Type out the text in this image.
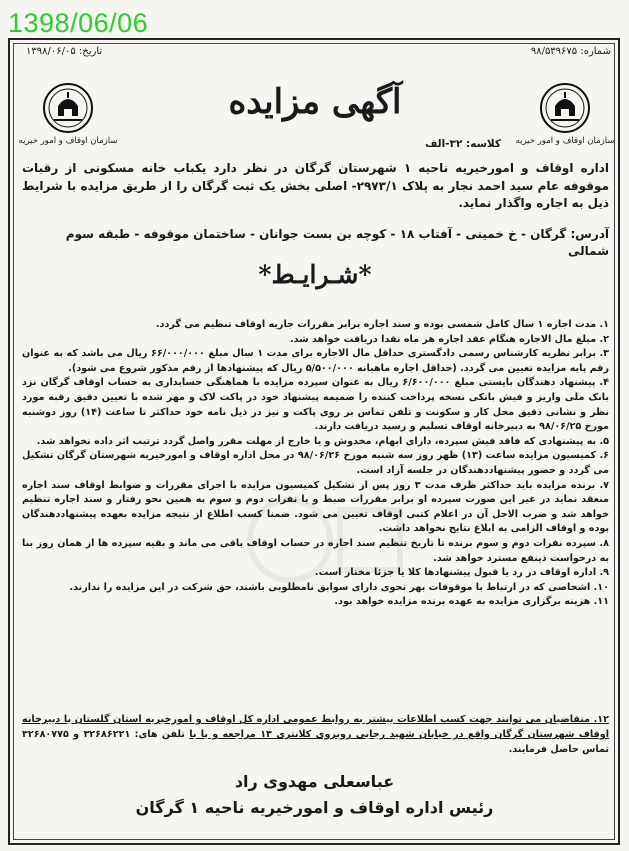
1398/06/06
شماره: ۹۸/۵۳۹۶۷۵
تاریخ: ۱۳۹۸/۰۶/۰۵
سازمان اوقاف و امور خیریه
سازمان اوقاف و امور خیریه
آگهی مزایده
کلاسه: ۳۲-الف
اداره اوقاف و امورخیریه ناحیه ۱ شهرستان گرگان در نظر دارد یکباب خانه مسکونی از رقبات موقوفه عام سید احمد نجار به پلاک ۲۹۷۳/۱- اصلی بخش یک ثبت گرگان را از طریق مزایده با شرایط ذیل به اجاره واگذار نماید.
آدرس: گرگان - خ خمینی - آفتاب ۱۸ - کوچه بن بست جوانان - ساختمان موقوفه - طبقه سوم شمالی
*شـرایـط*

۱. مدت اجاره ۱ سال کامل شمسی بوده و سند اجاره برابر مقررات جاریه اوقاف تنظیم می گردد.

۲. مبلغ مال الاجاره هنگام عقد اجاره هر ماه نقدا دریافت خواهد شد.

۳. برابر نظریه کارشناس رسمی دادگستری حداقل مال الاجاره برای مدت ۱ سال مبلغ ۶۶/۰۰۰/۰۰۰ ریال می باشد که به عنوان رقم پایه مزایده تعیین می گردد. (حداقل اجاره ماهیانه ۵/۵۰۰/۰۰۰ ریال که پیشنهادها از رقم مذکور شروع می شود).

۴. پیشنهاد دهندگان بایستی مبلغ ۶/۶۰۰/۰۰۰ ریال به عنوان سپرده مزایده با هماهنگی حسابداری به حساب اوقاف گرگان نزد بانک ملی واریز و فیش بانکی نسخه پرداخت کننده را ضمیمه پیشنهاد خود در پاکت لاک و مهر شده با تعیین دقیق رقبه مورد نظر و نشانی دقیق محل کار و سکونت و تلفن تماس بر روی پاکت و نیز در ذیل نامه خود حداکثر تا ساعت (۱۴) روز دوشنبه مورخ ۹۸/۰۶/۲۵ به دبیرخانه اوقاف تسلیم و رسید دریافت دارند.

۵. به پیشنهادی که فاقد فیش سپرده، دارای ابهام، مخدوش و یا خارج از مهلت مقرر واصل گردد ترتیب اثر داده نخواهد شد.

۶. کمیسیون مزایده ساعت (۱۳) ظهر روز سه شنبه مورخ ۹۸/۰۶/۲۶ در محل اداره اوقاف و امورخیریه شهرستان گرگان تشکیل می گردد و حضور پیشنهاددهندگان در جلسه آزاد است.

۷. برنده مزایده باید حداکثر ظرف مدت ۳ روز پس از تشکیل کمیسیون مزایده با اجرای مقررات و ضوابط اوقاف سند اجاره منعقد نماید در غیر این صورت سپرده او برابر مقررات ضبط و با نفرات دوم و سوم به همین نحو رفتار و سند اجاره تنظیم خواهد شد و ضرب الاجل آن در اعلام کتبی اوقاف تعیین می شود. ضمنا کسب اطلاع از نتیجه مزایده بعهده پیشنهاددهندگان بوده و اوقاف الزامی به ابلاغ نتایج نخواهد داشت.

۸. سپرده نفرات دوم و سوم برنده تا تاریخ تنظیم سند اجاره در حساب اوقاف باقی می ماند و بقیه سپرده ها از همان روز بنا به درخواست ذینفع مسترد خواهد شد.

۹. اداره اوقاف در رد یا قبول پیشنهادها کلا یا جزئا مختار است.

۱۰. اشخاصی که در ارتباط با موقوفات بهر نحوی دارای سوابق نامطلوبی باشند، حق شرکت در این مزایده را ندارند.

۱۱. هزینه برگزاری مزایده به عهده برنده مزایده خواهد بود.

۱۲. متقاضیان می توانند جهت کسب اطلاعات بیشتر به روابط عمومی اداره کل اوقاف و امورخیریه استان گلستان یا دبیرخانه اوقاف شهرستان گرگان واقع در خیابان شهید رجایی روبروی کلانتری ۱۳ مراجعه و یا با تلفن های: ۳۲۶۸۶۲۲۱ و ۳۲۶۸۰۷۷۵ تماس حاصل فرمایند.
عباسعلی مهدوی راد
رئیس اداره اوقاف و امورخیریه ناحیه ۱ گرگان
